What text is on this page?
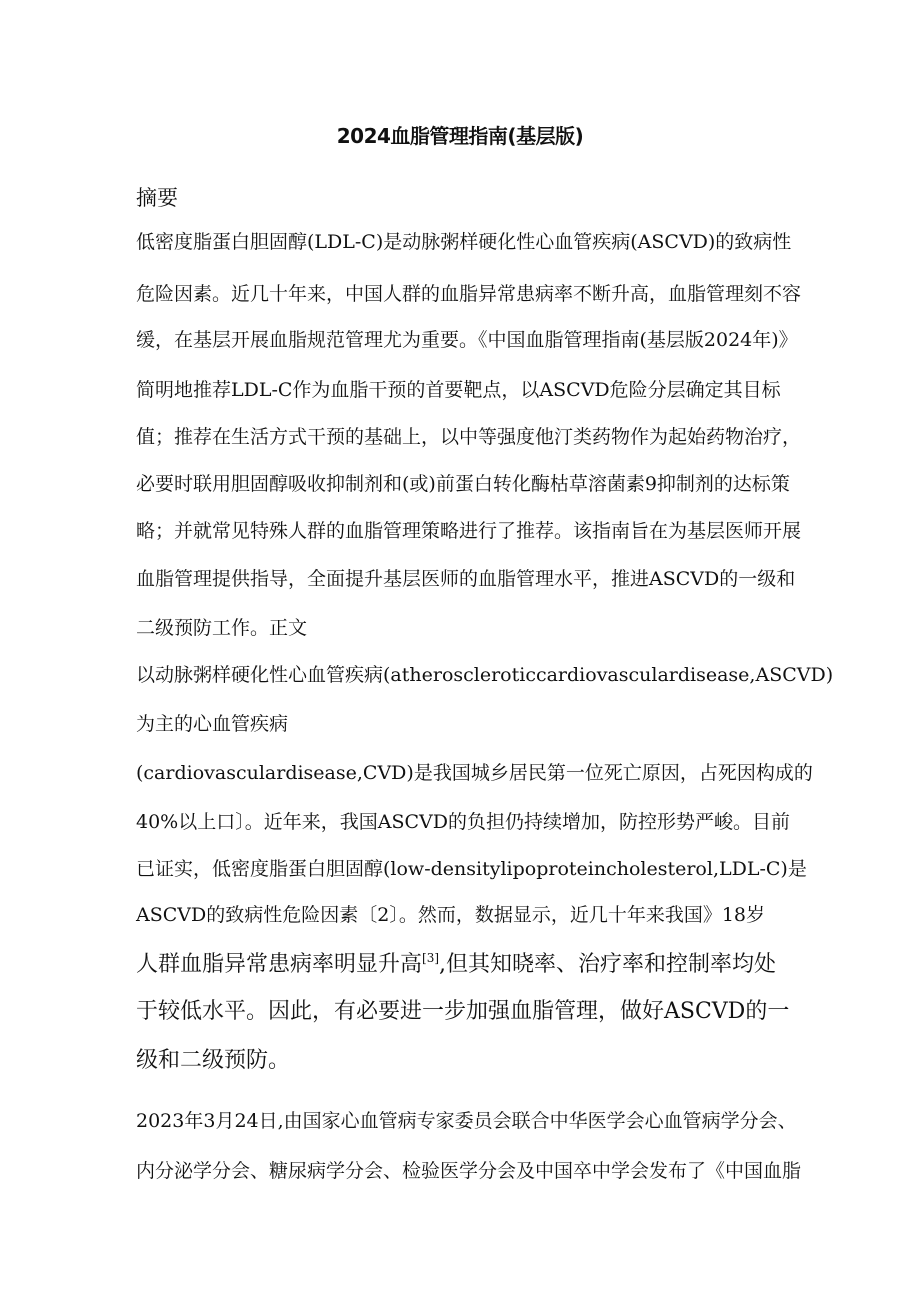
2024血脂管理指南(基层版)
摘要
低密度脂蛋白胆固醇(LDL-C)是动脉粥样硬化性心血管疾病(ASCVD)的致病性
危险因素。近几十年来，中国人群的血脂异常患病率不断升高，血脂管理刻不容
缓，在基层开展血脂规范管理尤为重要。《中国血脂管理指南(基层版2024年)》
简明地推荐LDL-C作为血脂干预的首要靶点，以ASCVD危险分层确定其目标
值；推荐在生活方式干预的基础上，以中等强度他汀类药物作为起始药物治疗，
必要时联用胆固醇吸收抑制剂和(或)前蛋白转化酶枯草溶菌素9抑制剂的达标策
略；并就常见特殊人群的血脂管理策略进行了推荐。该指南旨在为基层医师开展
血脂管理提供指导，全面提升基层医师的血脂管理水平，推进ASCVD的一级和
二级预防工作。正文
以动脉粥样硬化性心血管疾病(atheroscleroticcardiovasculardisease,ASCVD)
为主的心血管疾病
(cardiovasculardisease,CVD)是我国城乡居民第一位死亡原因，占死因构成的
40%以上口〕。近年来，我国ASCVD的负担仍持续增加，防控形势严峻。目前
已证实，低密度脂蛋白胆固醇(low-densitylipoproteincholesterol,LDL-C)是
ASCVD的致病性危险因素〔2〕。然而，数据显示，近几十年来我国》18岁
人群血脂异常患病率明显升高[3],但其知晓率、治疗率和控制率均处
于较低水平。因此，有必要进一步加强血脂管理，做好ASCVD的一
级和二级预防。
2023年3月24日,由国家心血管病专家委员会联合中华医学会心血管病学分会、
内分泌学分会、糖尿病学分会、检验医学分会及中国卒中学会发布了《中国血脂
